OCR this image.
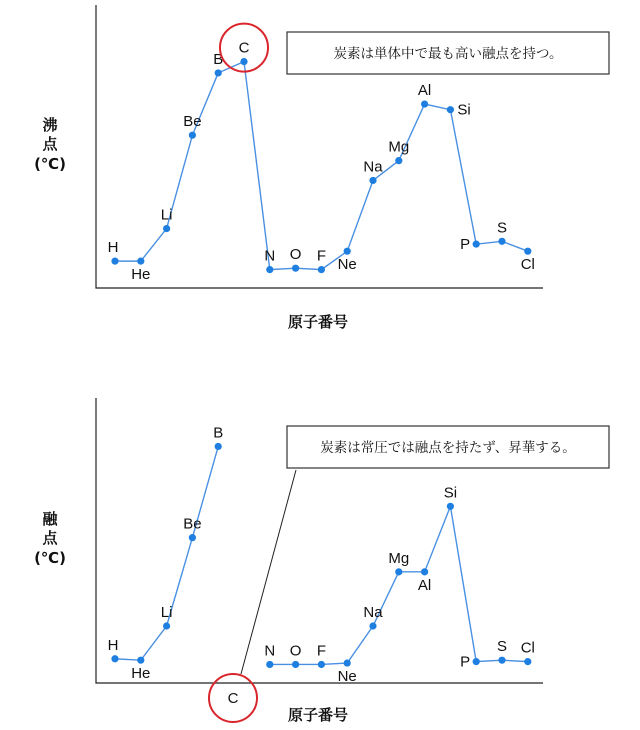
沸
点
(℃)
原子番号
H
He
Li
Be
B
C
N O F
Ne
Na
Mg
Al
Si
P
S
Cl
炭素は単体中で最も高い融点を持つ。
融
点
(℃)
原子番号
H
He
Li
Be
B
C
N O F
Ne
Na
Mg
Al
Si
P
S Cl
炭素は常圧では融点を持たず、昇華する。
